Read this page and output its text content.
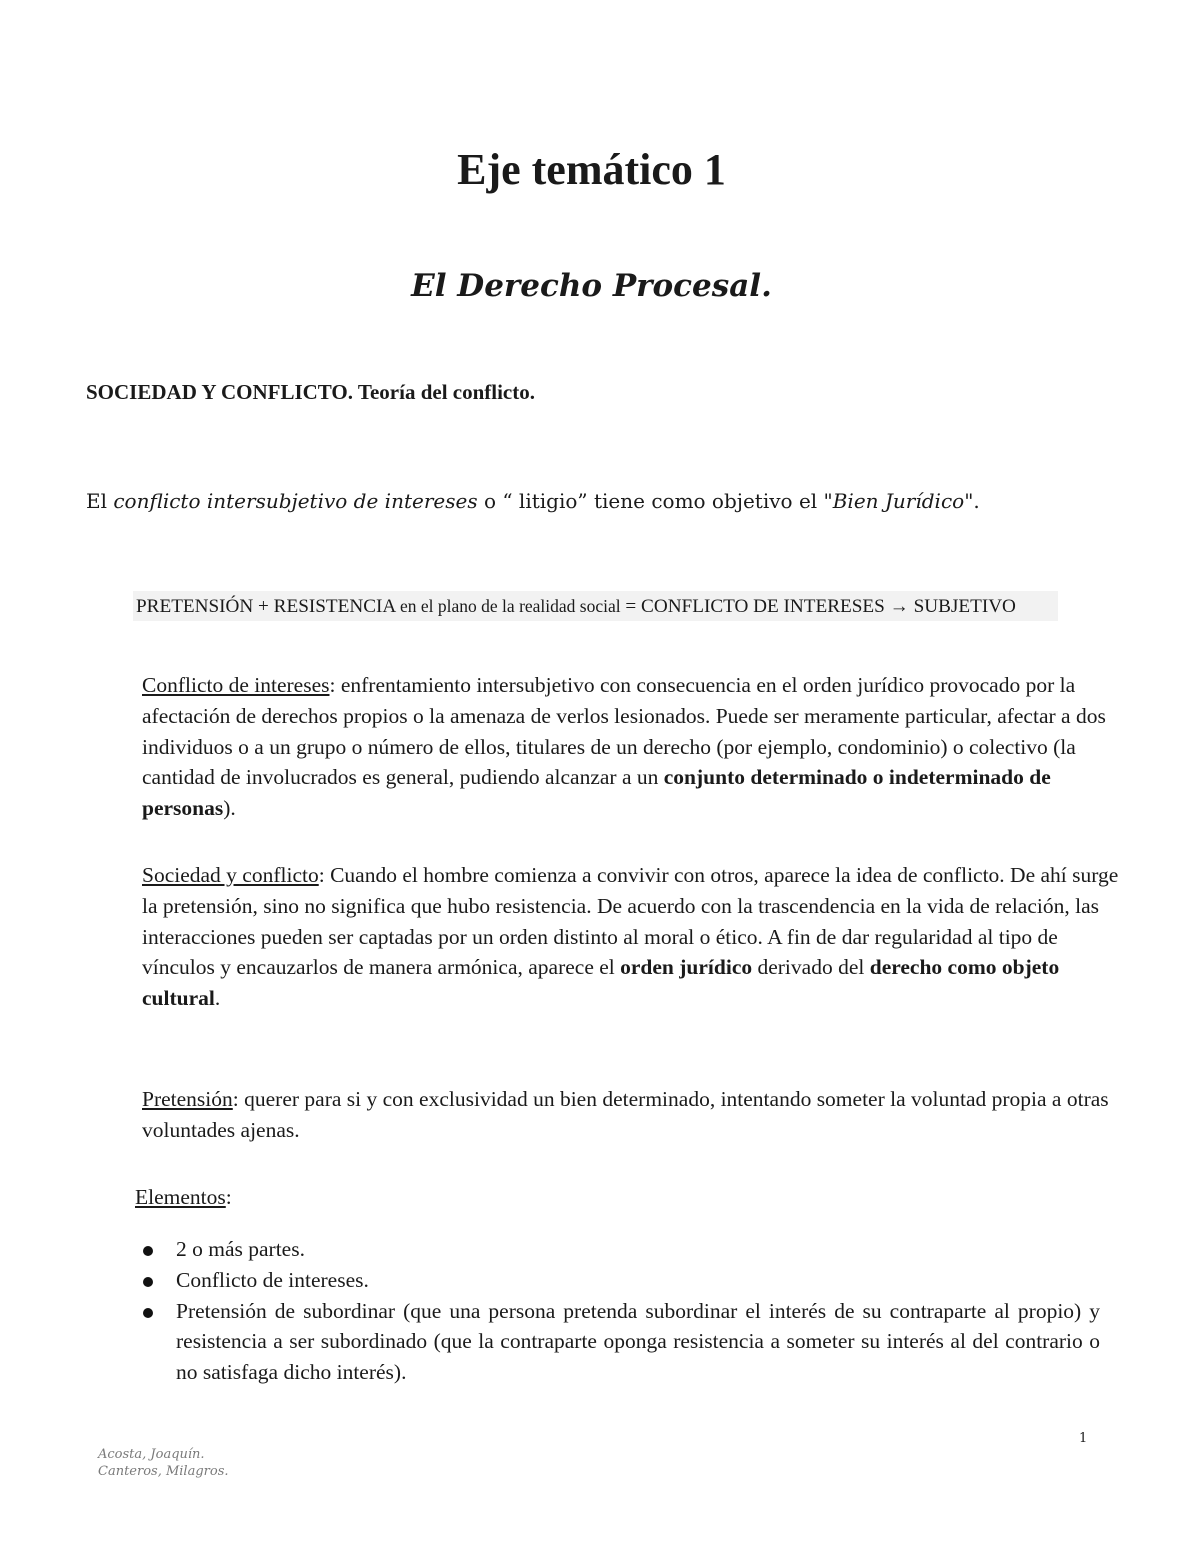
Eje temático 1
El Derecho Procesal.
SOCIEDAD Y CONFLICTO. Teoría del conflicto.

El conflicto intersubjetivo de intereses o “ litigio” tiene como objetivo el "Bien Jurídico".

PRETENSIÓN + RESISTENCIA en el plano de la realidad social = CONFLICTO DE INTERESES → SUBJETIVO

Conflicto de intereses: enfrentamiento intersubjetivo con consecuencia en el orden jurídico provocado por la afectación de derechos propios o la amenaza de verlos lesionados. Puede ser meramente particular, afectar a dos individuos o a un grupo o número de ellos, titulares de un derecho (por ejemplo, condominio) o colectivo (la cantidad de involucrados es general, pudiendo alcanzar a un conjunto determinado o indeterminado de personas).

Sociedad y conflicto: Cuando el hombre comienza a convivir con otros, aparece la idea de conflicto. De ahí surge la pretensión, sino no significa que hubo resistencia. De acuerdo con la trascendencia en la vida de relación, las interacciones pueden ser captadas por un orden distinto al moral o ético. A fin de dar regularidad al tipo de vínculos y encauzarlos de manera armónica, aparece el orden jurídico derivado del derecho como objeto cultural.

Pretensión: querer para si y con exclusividad un bien determinado, intentando someter la voluntad propia a otras voluntades ajenas.

Elementos:

2 o más partes.
Conflicto de intereses.
Pretensión de subordinar (que una persona pretenda subordinar el interés de su contraparte al propio) y resistencia a ser subordinado (que la contraparte oponga resistencia a someter su interés al del contrario o no satisfaga dicho interés).
1
Acosta, Joaquín.
Canteros, Milagros.
